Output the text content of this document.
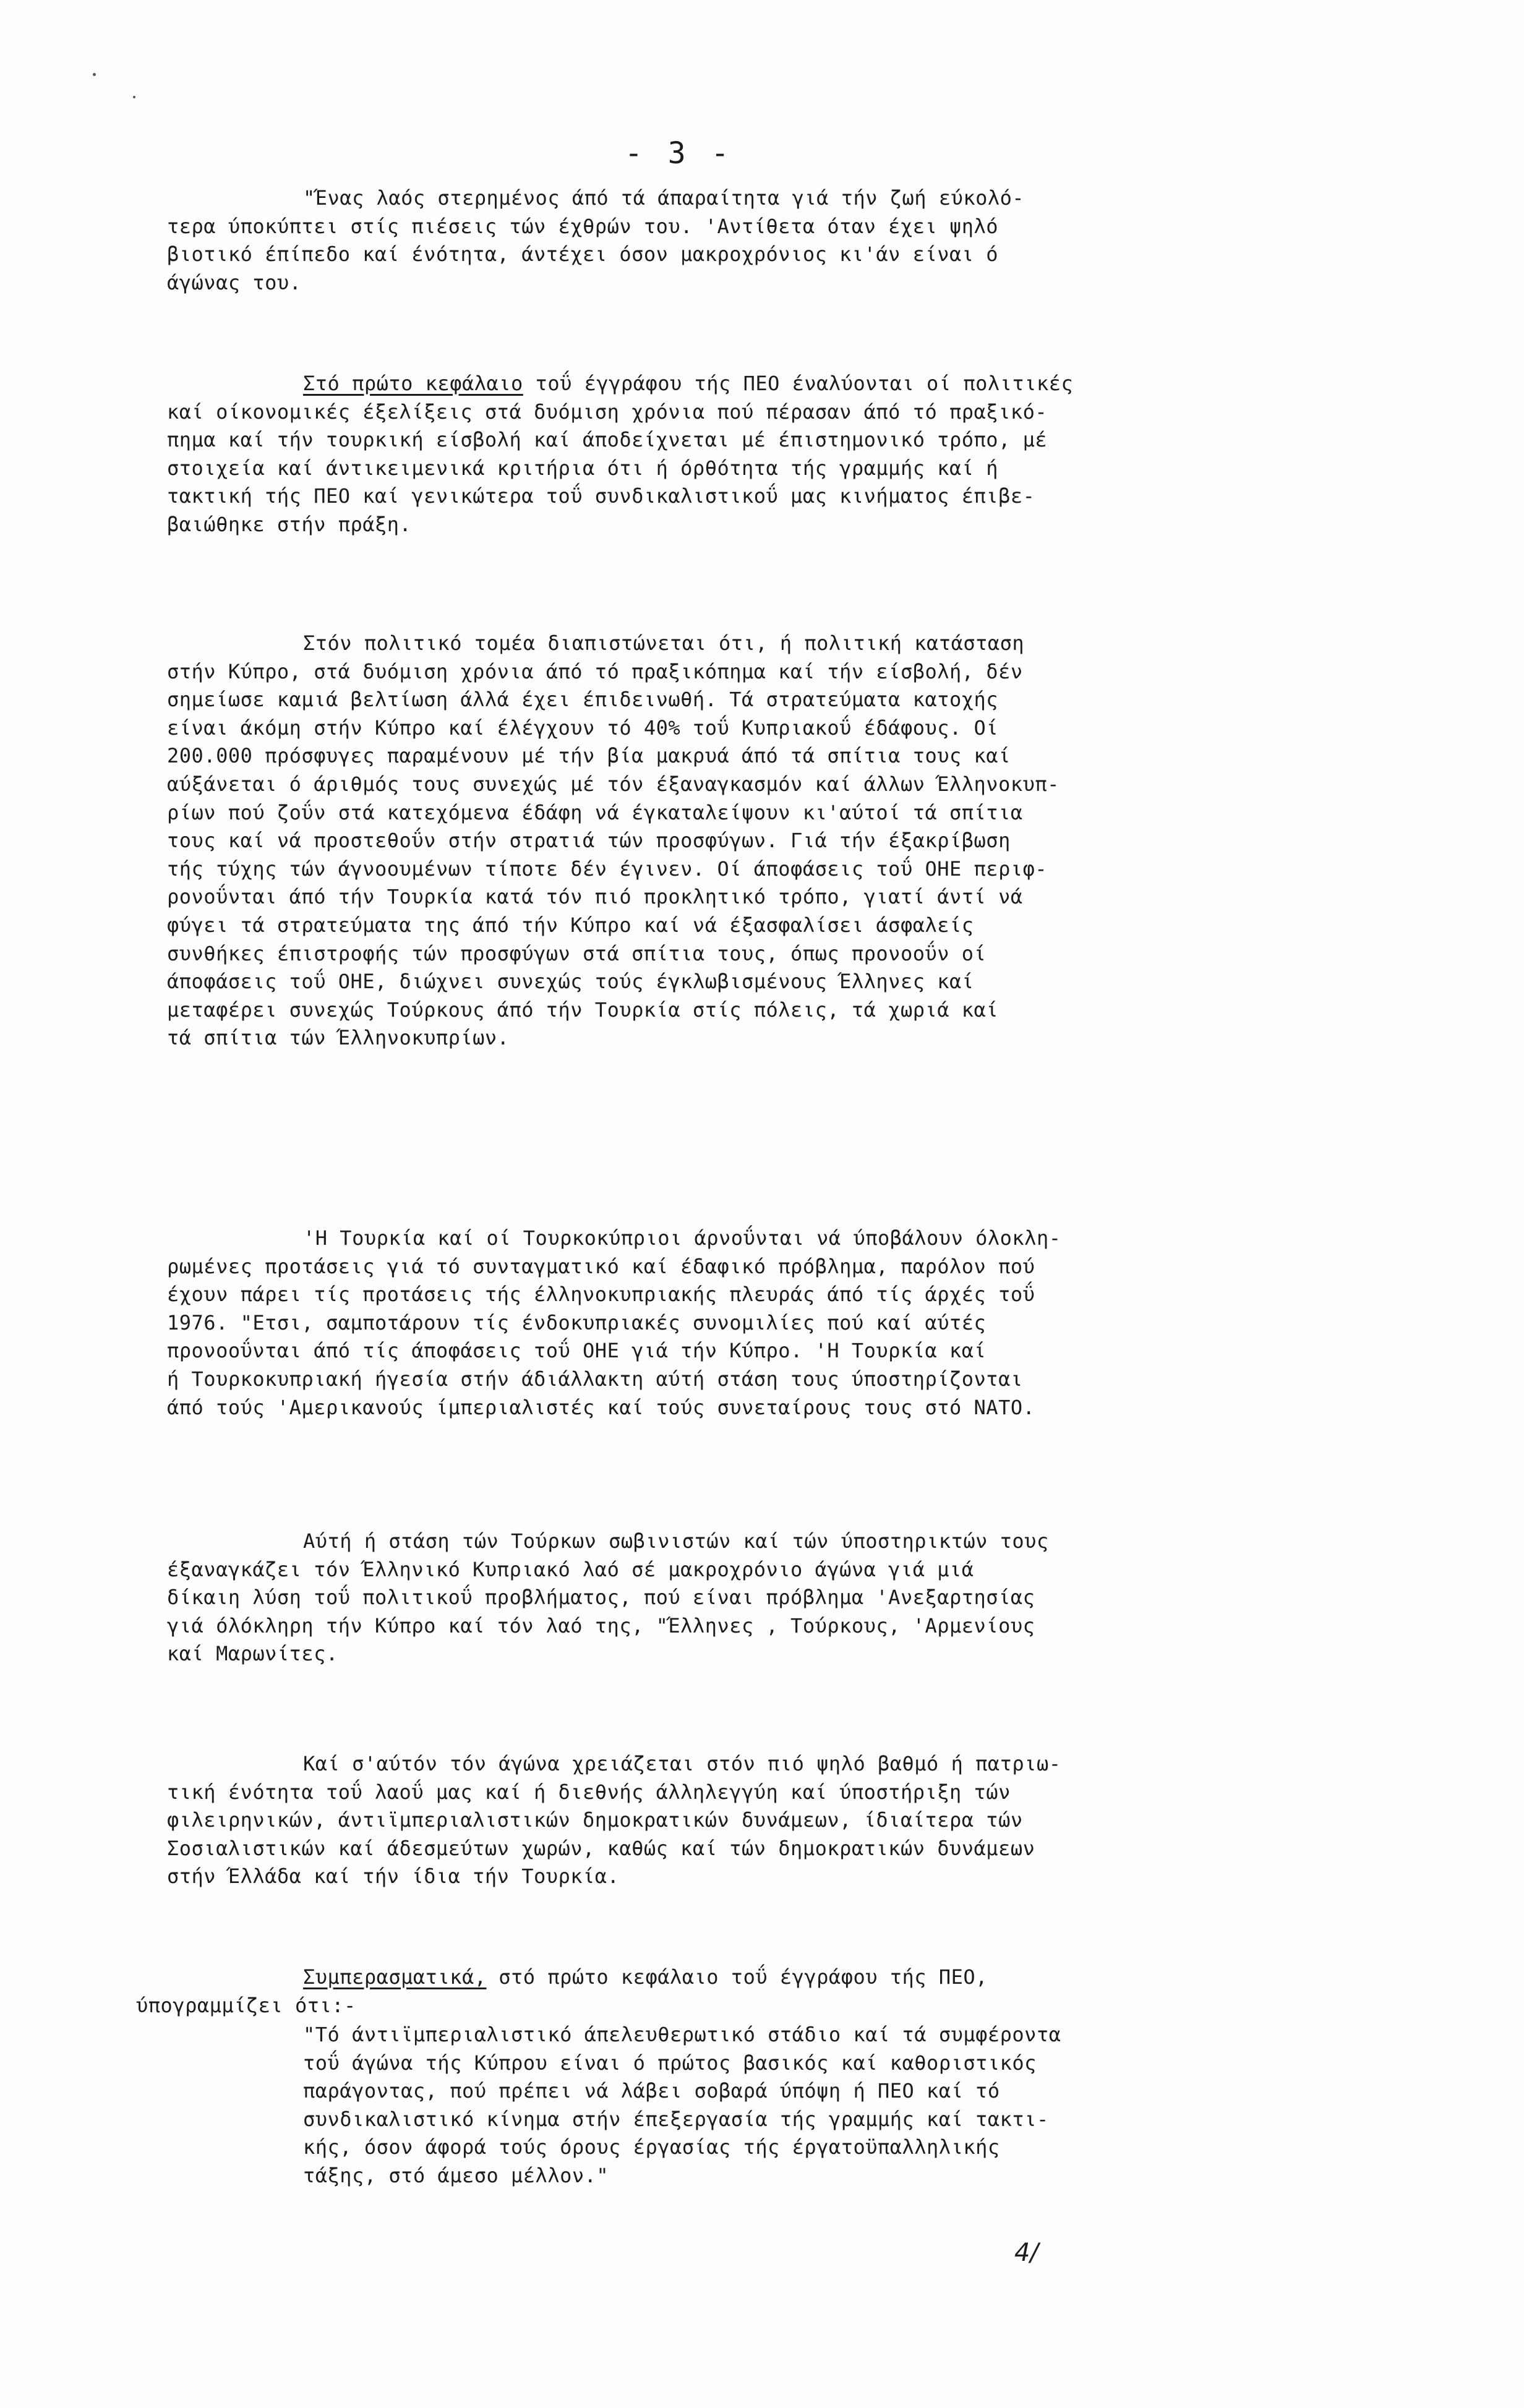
- 3 -
"Ένας λαός στερημένος άπό τά άπαραίτητα γιά τήν ζωή εύκολό-
τερα ύποκύπτει στίς πιέσεις τών έχθρών του. 'Αντίθετα όταν έχει ψηλό
βιοτικό έπίπεδο καί ένότητα, άντέχει όσον μακροχρόνιος κι'άν είναι ό
άγώνας του.
Στό πρώτο κεφάλαιο τοΰ έγγράφου τής ΠΕΟ έναλύονται οί πολιτικές
καί οίκονομικές έξελίξεις στά δυόμιση χρόνια πού πέρασαν άπό τό πραξικό-
πημα καί τήν τουρκική είσβολή καί άποδείχνεται μέ έπιστημονικό τρόπο, μέ
στοιχεία καί άντικειμενικά κριτήρια ότι ή όρθότητα τής γραμμής καί ή
τακτική τής ΠΕΟ καί γενικώτερα τοΰ συνδικαλιστικοΰ μας κινήματος έπιβε-
βαιώθηκε στήν πράξη.
Στόν πολιτικό τομέα διαπιστώνεται ότι, ή πολιτική κατάσταση
στήν Κύπρο, στά δυόμιση χρόνια άπό τό πραξικόπημα καί τήν είσβολή, δέν
σημείωσε καμιά βελτίωση άλλά έχει έπιδεινωθή. Τά στρατεύματα κατοχής
είναι άκόμη στήν Κύπρο καί έλέγχουν τό 40% τοΰ Κυπριακοΰ έδάφους. Οί
200.000 πρόσφυγες παραμένουν μέ τήν βία μακρυά άπό τά σπίτια τους καί
αύξάνεται ό άριθμός τους συνεχώς μέ τόν έξαναγκασμόν καί άλλων Έλληνοκυπ-
ρίων πού ζοΰν στά κατεχόμενα έδάφη νά έγκαταλείψουν κι'αύτοί τά σπίτια
τους καί νά προστεθοΰν στήν στρατιά τών προσφύγων. Γιά τήν έξακρίβωση
τής τύχης τών άγνοουμένων τίποτε δέν έγινεν. Οί άποφάσεις τοΰ ΟΗΕ περιφ-
ρονοΰνται άπό τήν Τουρκία κατά τόν πιό προκλητικό τρόπο, γιατί άντί νά
φύγει τά στρατεύματα της άπό τήν Κύπρο καί νά έξασφαλίσει άσφαλείς
συνθήκες έπιστροφής τών προσφύγων στά σπίτια τους, όπως προνοοΰν οί
άποφάσεις τοΰ ΟΗΕ, διώχνει συνεχώς τούς έγκλωβισμένους Έλληνες καί
μεταφέρει συνεχώς Τούρκους άπό τήν Τουρκία στίς πόλεις, τά χωριά καί
τά σπίτια τών Έλληνοκυπρίων.
'Η Τουρκία καί οί Τουρκοκύπριοι άρνοΰνται νά ύποβάλουν όλοκλη-
ρωμένες προτάσεις γιά τό συνταγματικό καί έδαφικό πρόβλημα, παρόλον πού
έχουν πάρει τίς προτάσεις τής έλληνοκυπριακής πλευράς άπό τίς άρχές τοΰ
1976. "Ετσι, σαμποτάρουν τίς ένδοκυπριακές συνομιλίες πού καί αύτές
προνοοΰνται άπό τίς άποφάσεις τοΰ ΟΗΕ γιά τήν Κύπρο. 'Η Τουρκία καί
ή Τουρκοκυπριακή ήγεσία στήν άδιάλλακτη αύτή στάση τους ύποστηρίζονται
άπό τούς 'Αμερικανούς ίμπεριαλιστές καί τούς συνεταίρους τους στό ΝΑΤΟ.
Αύτή ή στάση τών Τούρκων σωβινιστών καί τών ύποστηρικτών τους
έξαναγκάζει τόν Έλληνικό Κυπριακό λαό σέ μακροχρόνιο άγώνα γιά μιά
δίκαιη λύση τοΰ πολιτικοΰ προβλήματος, πού είναι πρόβλημα 'Ανεξαρτησίας
γιά όλόκληρη τήν Κύπρο καί τόν λαό της, "Έλληνες , Τούρκους, 'Αρμενίους
καί Μαρωνίτες.
Καί σ'αύτόν τόν άγώνα χρειάζεται στόν πιό ψηλό βαθμό ή πατριω-
τική ένότητα τοΰ λαοΰ μας καί ή διεθνής άλληλεγγύη καί ύποστήριξη τών
φιλειρηνικών, άντιϊμπεριαλιστικών δημοκρατικών δυνάμεων, ίδιαίτερα τών
Σοσιαλιστικών καί άδεσμεύτων χωρών, καθώς καί τών δημοκρατικών δυνάμεων
στήν Έλλάδα καί τήν ίδια τήν Τουρκία.
Συμπερασματικά, στό πρώτο κεφάλαιο τοΰ έγγράφου τής ΠΕΟ,
ύπογραμμίζει ότι:-
"Τό άντιϊμπεριαλιστικό άπελευθερωτικό στάδιο καί τά συμφέροντα
τοΰ άγώνα τής Κύπρου είναι ό πρώτος βασικός καί καθοριστικός
παράγοντας, πού πρέπει νά λάβει σοβαρά ύπόψη ή ΠΕΟ καί τό
συνδικαλιστικό κίνημα στήν έπεξεργασία τής γραμμής καί τακτι-
κής, όσον άφορά τούς όρους έργασίας τής έργατοϋπαλληλικής
τάξης, στό άμεσο μέλλον."
4/
